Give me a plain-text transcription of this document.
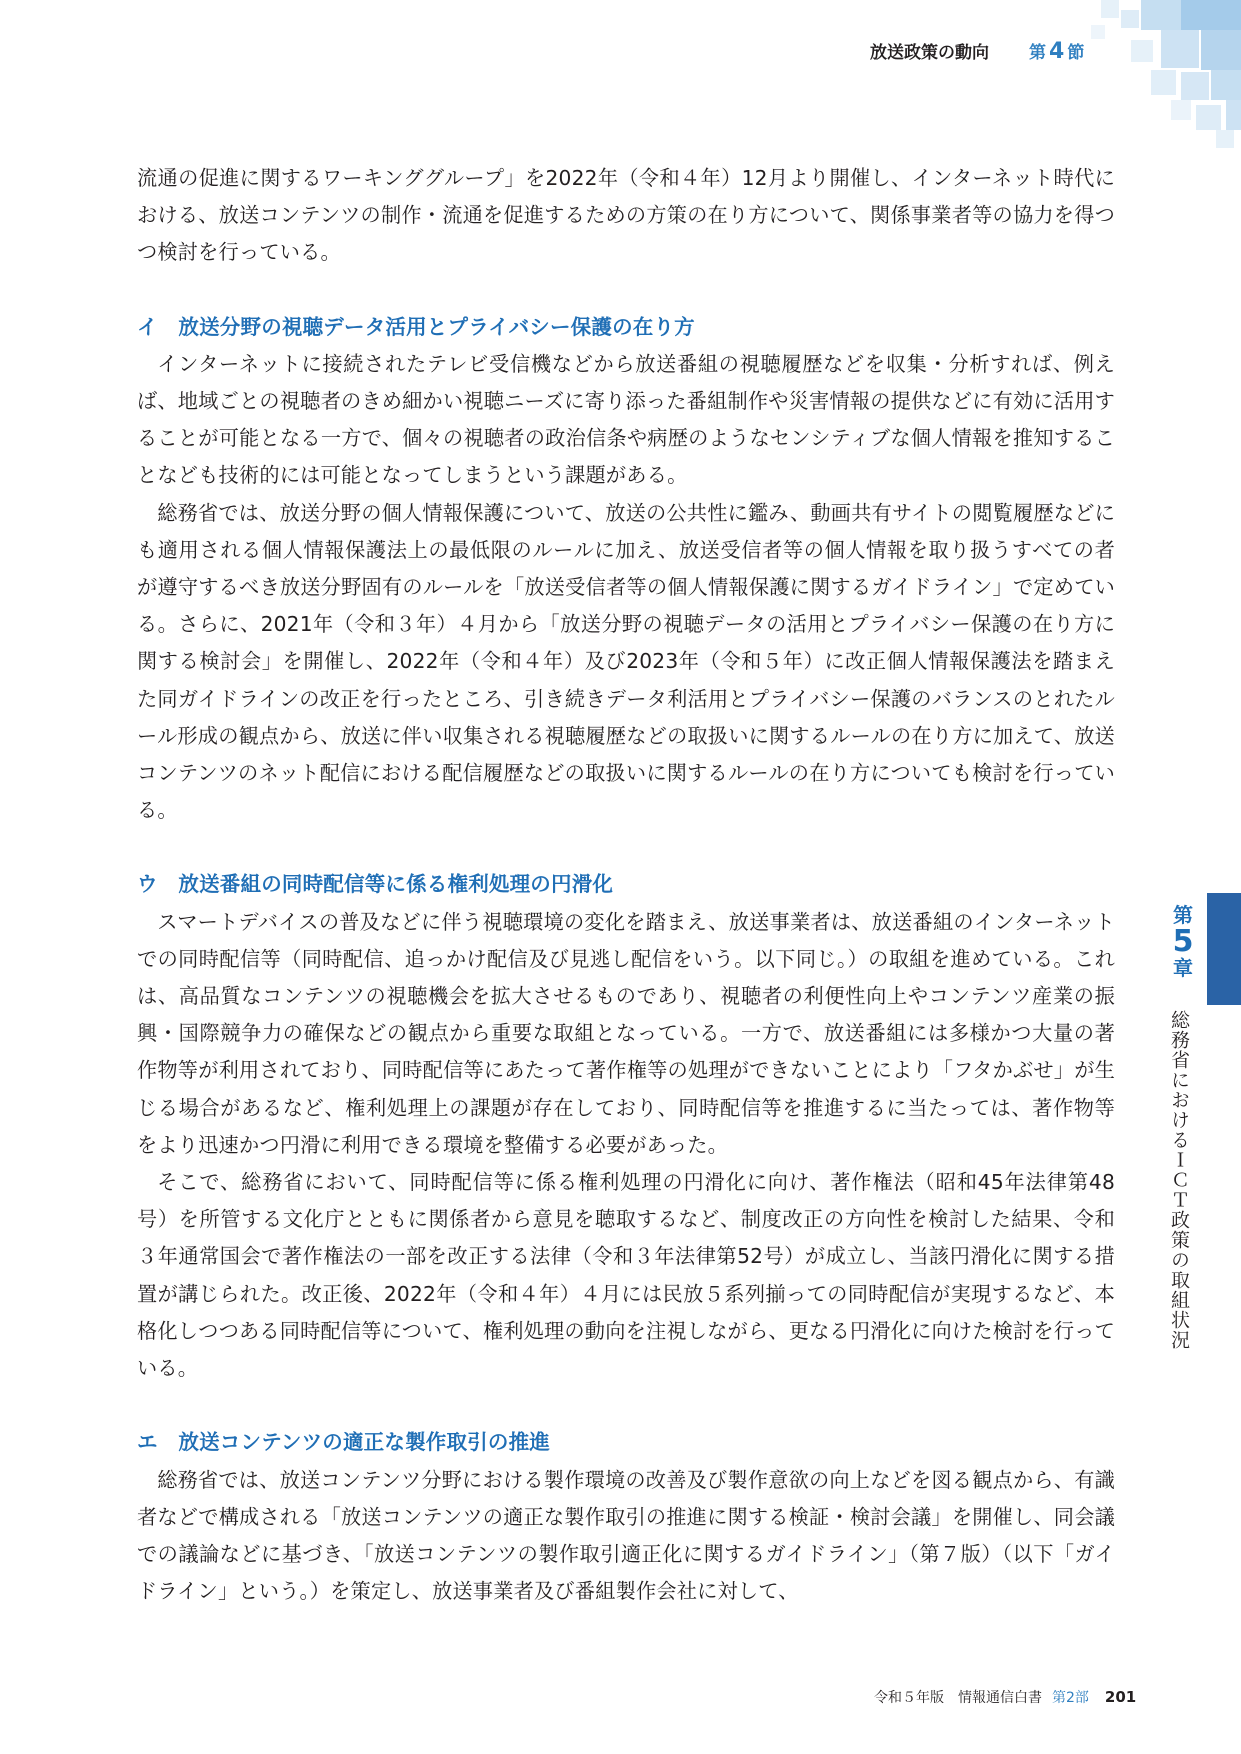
放送政策の動向 第 4 節

流通の促進に関するワーキンググループ」を2022年（令和４年）12月より開催し、インターネット時代における、放送コンテンツの制作・流通を促進するための方策の在り方について、関係事業者等の協力を得つつ検討を行っている。

イ　放送分野の視聴データ活用とプライバシー保護の在り方

インターネットに接続されたテレビ受信機などから放送番組の視聴履歴などを収集・分析すれば、例えば、地域ごとの視聴者のきめ細かい視聴ニーズに寄り添った番組制作や災害情報の提供などに有効に活用することが可能となる一方で、個々の視聴者の政治信条や病歴のようなセンシティブな個人情報を推知することなども技術的には可能となってしまうという課題がある。

総務省では、放送分野の個人情報保護について、放送の公共性に鑑み、動画共有サイトの閲覧履歴などにも適用される個人情報保護法上の最低限のルールに加え、放送受信者等の個人情報を取り扱うすべての者が遵守するべき放送分野固有のルールを「放送受信者等の個人情報保護に関するガイドライン」で定めている。さらに、2021年（令和３年）４月から「放送分野の視聴データの活用とプライバシー保護の在り方に関する検討会」を開催し、2022年（令和４年）及び2023年（令和５年）に改正個人情報保護法を踏まえた同ガイドラインの改正を行ったところ、引き続きデータ利活用とプライバシー保護のバランスのとれたルール形成の観点から、放送に伴い収集される視聴履歴などの取扱いに関するルールの在り方に加えて、放送コンテンツのネット配信における配信履歴などの取扱いに関するルールの在り方についても検討を行っている。

ウ　放送番組の同時配信等に係る権利処理の円滑化

スマートデバイスの普及などに伴う視聴環境の変化を踏まえ、放送事業者は、放送番組のインターネットでの同時配信等（同時配信、追っかけ配信及び見逃し配信をいう。以下同じ。）の取組を進めている。これは、高品質なコンテンツの視聴機会を拡大させるものであり、視聴者の利便性向上やコンテンツ産業の振興・国際競争力の確保などの観点から重要な取組となっている。一方で、放送番組には多様かつ大量の著作物等が利用されており、同時配信等にあたって著作権等の処理ができないことにより「フタかぶせ」が生じる場合があるなど、権利処理上の課題が存在しており、同時配信等を推進するに当たっては、著作物等をより迅速かつ円滑に利用できる環境を整備する必要があった。

そこで、総務省において、同時配信等に係る権利処理の円滑化に向け、著作権法（昭和45年法律第48号）を所管する文化庁とともに関係者から意見を聴取するなど、制度改正の方向性を検討した結果、令和３年通常国会で著作権法の一部を改正する法律（令和３年法律第52号）が成立し、当該円滑化に関する措置が講じられた。改正後、2022年（令和４年）４月には民放５系列揃っての同時配信が実現するなど、本格化しつつある同時配信等について、権利処理の動向を注視しながら、更なる円滑化に向けた検討を行っている。

エ　放送コンテンツの適正な製作取引の推進

総務省では、放送コンテンツ分野における製作環境の改善及び製作意欲の向上などを図る観点から、有識者などで構成される「放送コンテンツの適正な製作取引の推進に関する検証・検討会議」を開催し、同会議での議論などに基づき、「放送コンテンツの製作取引適正化に関するガイドライン」（第７版）（以下「ガイドライン」という。）を策定し、放送事業者及び番組製作会社に対して、

第
5
章
総務省におけるＩＣＴ政策の取組状況
令和５年版　情報通信白書 第2部 201
